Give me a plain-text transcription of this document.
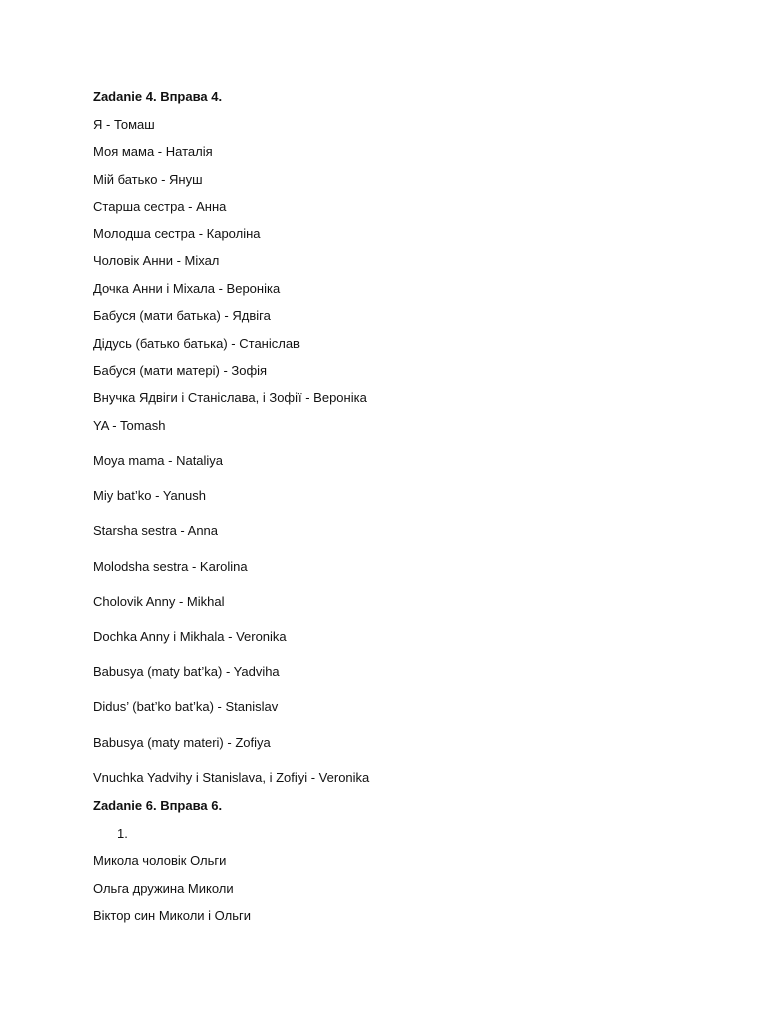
Zadanie 4. Вправа 4.
Я - Томаш
Моя мама - Наталія
Мій батько - Януш
Старша сестра - Анна
Молодша сестра - Кароліна
Чоловік Анни - Міхал
Дочка Анни і Міхала - Вероніка
Бабуся (мати батька) - Ядвіга
Дідусь (батько батька) - Станіслав
Бабуся (мати матері) - Зофія
Внучка Ядвіги і Станіслава, і Зофії - Вероніка
YA - Tomash
Moya mama - Nataliya
Miy bat’ko - Yanush
Starsha sestra - Anna
Molodsha sestra - Karolina
Cholovik Anny - Mikhal
Dochka Anny i Mikhala - Veronika
Babusya (maty bat’ka) - Yadviha
Didus’ (bat’ko bat’ka) - Stanislav
Babusya (maty materi) - Zofiya
Vnuchka Yadvihy i Stanislava, i Zofiyi - Veronika
Zadanie 6. Вправа 6.
1.
Микола чоловік Ольги
Ольга дружина Миколи
Віктор син Миколи і Ольги
